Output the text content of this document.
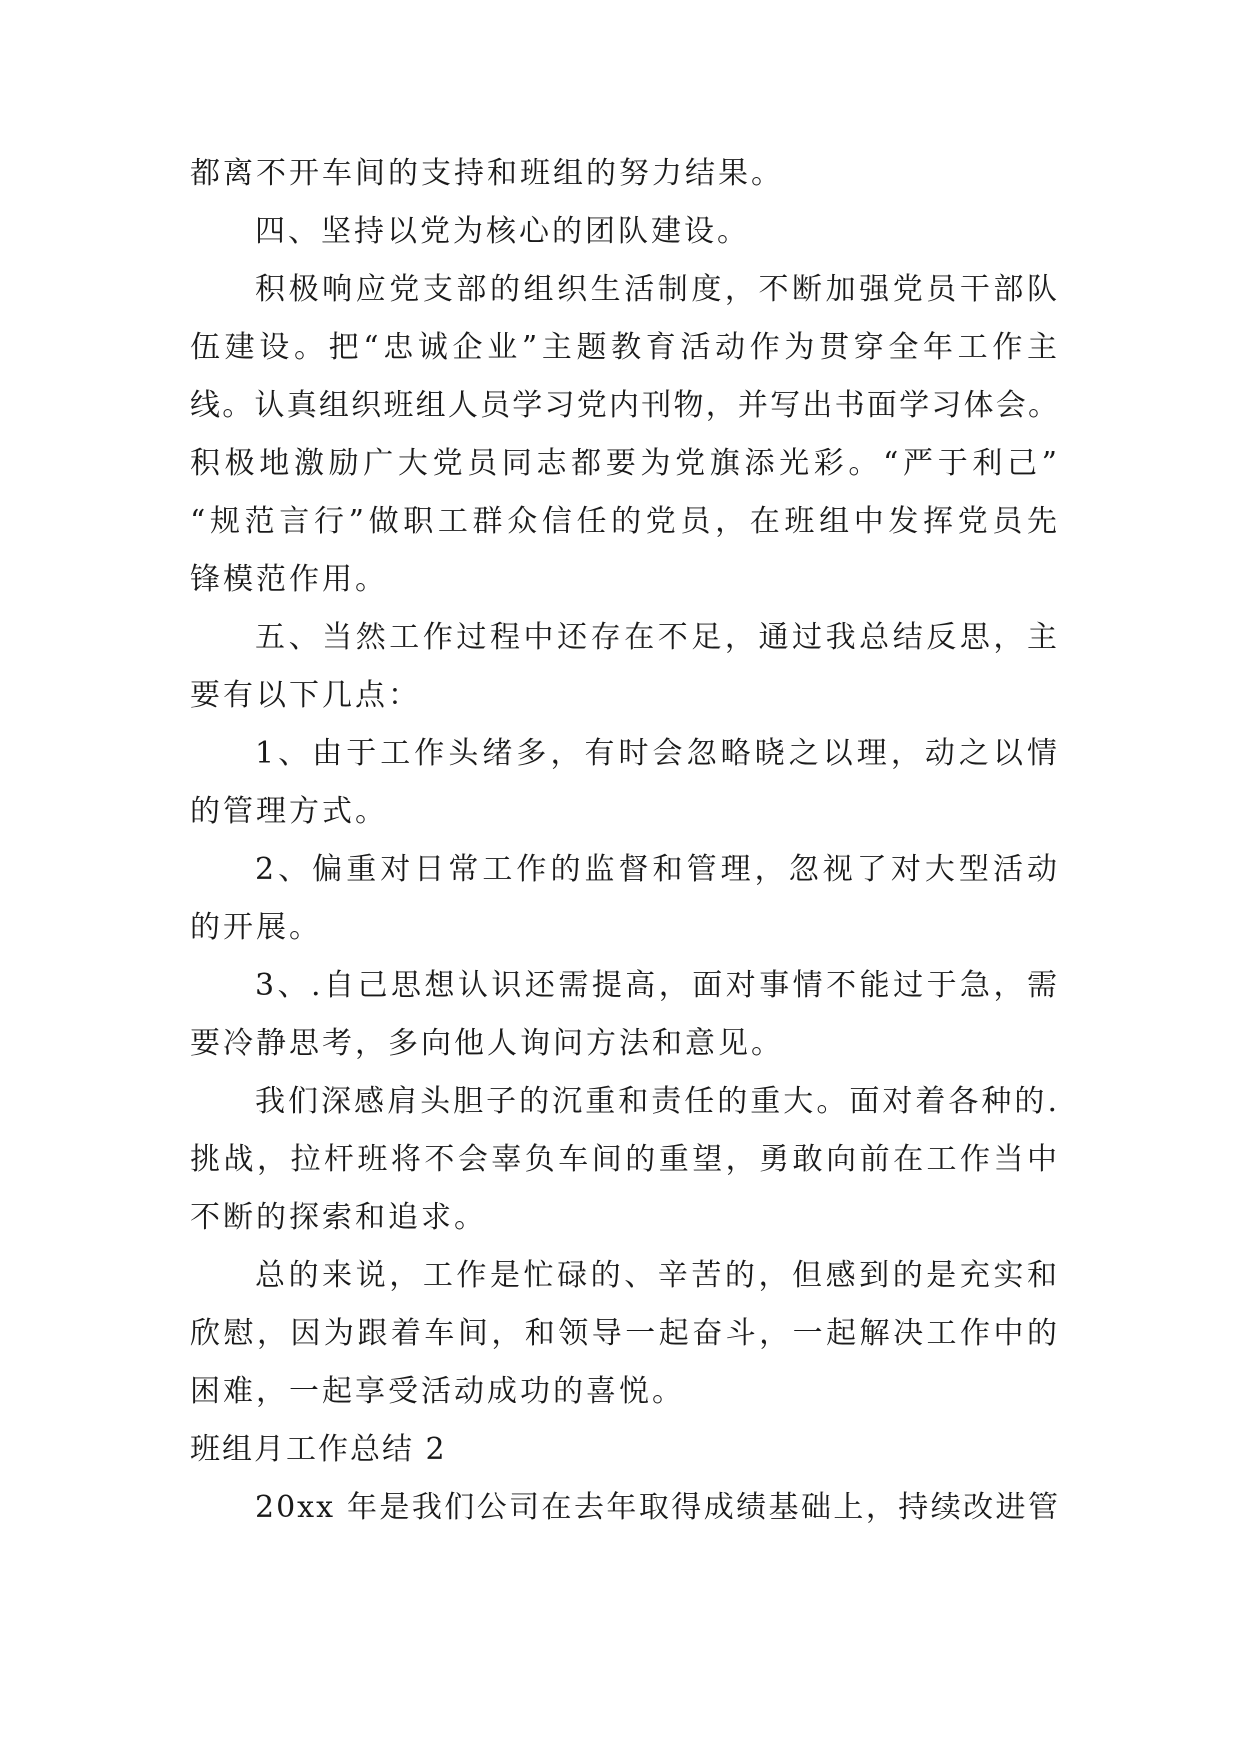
都离不开车间的支持和班组的努力结果。
四、坚持以党为核心的团队建设。
积极响应党支部的组织生活制度，不断加强党员干部队
伍建设。把“忠诚企业”主题教育活动作为贯穿全年工作主
线。认真组织班组人员学习党内刊物，并写出书面学习体会。
积极地激励广大党员同志都要为党旗添光彩。“严于利己”
“规范言行”做职工群众信任的党员，在班组中发挥党员先
锋模范作用。
五、当然工作过程中还存在不足，通过我总结反思，主
要有以下几点：
1、由于工作头绪多，有时会忽略晓之以理，动之以情
的管理方式。
2、偏重对日常工作的监督和管理，忽视了对大型活动
的开展。
3、.自己思想认识还需提高，面对事情不能过于急，需
要冷静思考，多向他人询问方法和意见。
我们深感肩头胆子的沉重和责任的重大。面对着各种的.
挑战，拉杆班将不会辜负车间的重望，勇敢向前在工作当中
不断的探索和追求。
总的来说，工作是忙碌的、辛苦的，但感到的是充实和
欣慰，因为跟着车间，和领导一起奋斗，一起解决工作中的
困难，一起享受活动成功的喜悦。
班组月工作总结 2
20xx 年是我们公司在去年取得成绩基础上，持续改进管
